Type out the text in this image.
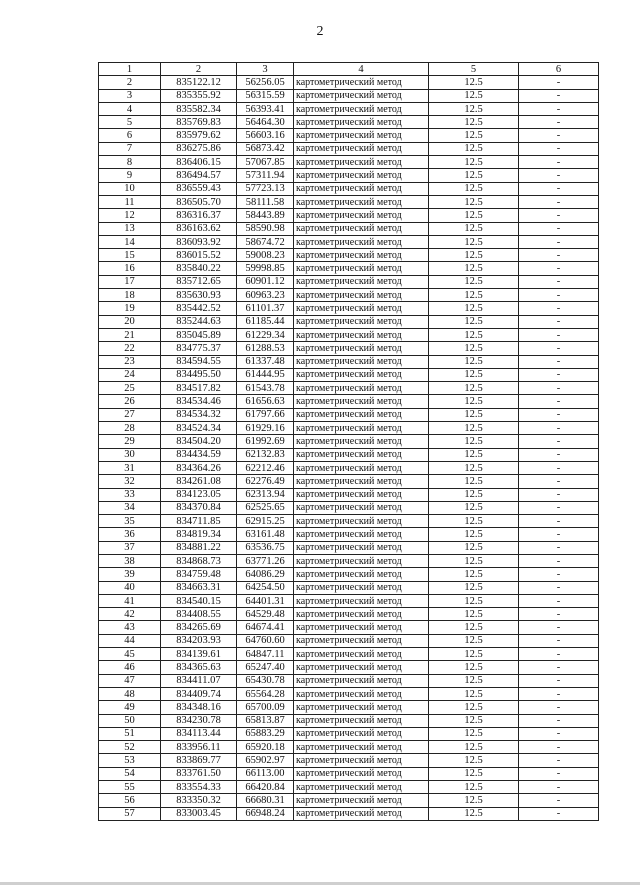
2
1	2	3	4	5	6
2	835122.12	56256.05	картометрический метод	12.5	-
3	835355.92	56315.59	картометрический метод	12.5	-
4	835582.34	56393.41	картометрический метод	12.5	-
5	835769.83	56464.30	картометрический метод	12.5	-
6	835979.62	56603.16	картометрический метод	12.5	-
7	836275.86	56873.42	картометрический метод	12.5	-
8	836406.15	57067.85	картометрический метод	12.5	-
9	836494.57	57311.94	картометрический метод	12.5	-
10	836559.43	57723.13	картометрический метод	12.5	-
11	836505.70	58111.58	картометрический метод	12.5	-
12	836316.37	58443.89	картометрический метод	12.5	-
13	836163.62	58590.98	картометрический метод	12.5	-
14	836093.92	58674.72	картометрический метод	12.5	-
15	836015.52	59008.23	картометрический метод	12.5	-
16	835840.22	59998.85	картометрический метод	12.5	-
17	835712.65	60901.12	картометрический метод	12.5	-
18	835630.93	60963.23	картометрический метод	12.5	-
19	835442.52	61101.37	картометрический метод	12.5	-
20	835244.63	61185.44	картометрический метод	12.5	-
21	835045.89	61229.34	картометрический метод	12.5	-
22	834775.37	61288.53	картометрический метод	12.5	-
23	834594.55	61337.48	картометрический метод	12.5	-
24	834495.50	61444.95	картометрический метод	12.5	-
25	834517.82	61543.78	картометрический метод	12.5	-
26	834534.46	61656.63	картометрический метод	12.5	-
27	834534.32	61797.66	картометрический метод	12.5	-
28	834524.34	61929.16	картометрический метод	12.5	-
29	834504.20	61992.69	картометрический метод	12.5	-
30	834434.59	62132.83	картометрический метод	12.5	-
31	834364.26	62212.46	картометрический метод	12.5	-
32	834261.08	62276.49	картометрический метод	12.5	-
33	834123.05	62313.94	картометрический метод	12.5	-
34	834370.84	62525.65	картометрический метод	12.5	-
35	834711.85	62915.25	картометрический метод	12.5	-
36	834819.34	63161.48	картометрический метод	12.5	-
37	834881.22	63536.75	картометрический метод	12.5	-
38	834868.73	63771.26	картометрический метод	12.5	-
39	834759.48	64086.29	картометрический метод	12.5	-
40	834663.31	64254.50	картометрический метод	12.5	-
41	834540.15	64401.31	картометрический метод	12.5	-
42	834408.55	64529.48	картометрический метод	12.5	-
43	834265.69	64674.41	картометрический метод	12.5	-
44	834203.93	64760.60	картометрический метод	12.5	-
45	834139.61	64847.11	картометрический метод	12.5	-
46	834365.63	65247.40	картометрический метод	12.5	-
47	834411.07	65430.78	картометрический метод	12.5	-
48	834409.74	65564.28	картометрический метод	12.5	-
49	834348.16	65700.09	картометрический метод	12.5	-
50	834230.78	65813.87	картометрический метод	12.5	-
51	834113.44	65883.29	картометрический метод	12.5	-
52	833956.11	65920.18	картометрический метод	12.5	-
53	833869.77	65902.97	картометрический метод	12.5	-
54	833761.50	66113.00	картометрический метод	12.5	-
55	833554.33	66420.84	картометрический метод	12.5	-
56	833350.32	66680.31	картометрический метод	12.5	-
57	833003.45	66948.24	картометрический метод	12.5	-
